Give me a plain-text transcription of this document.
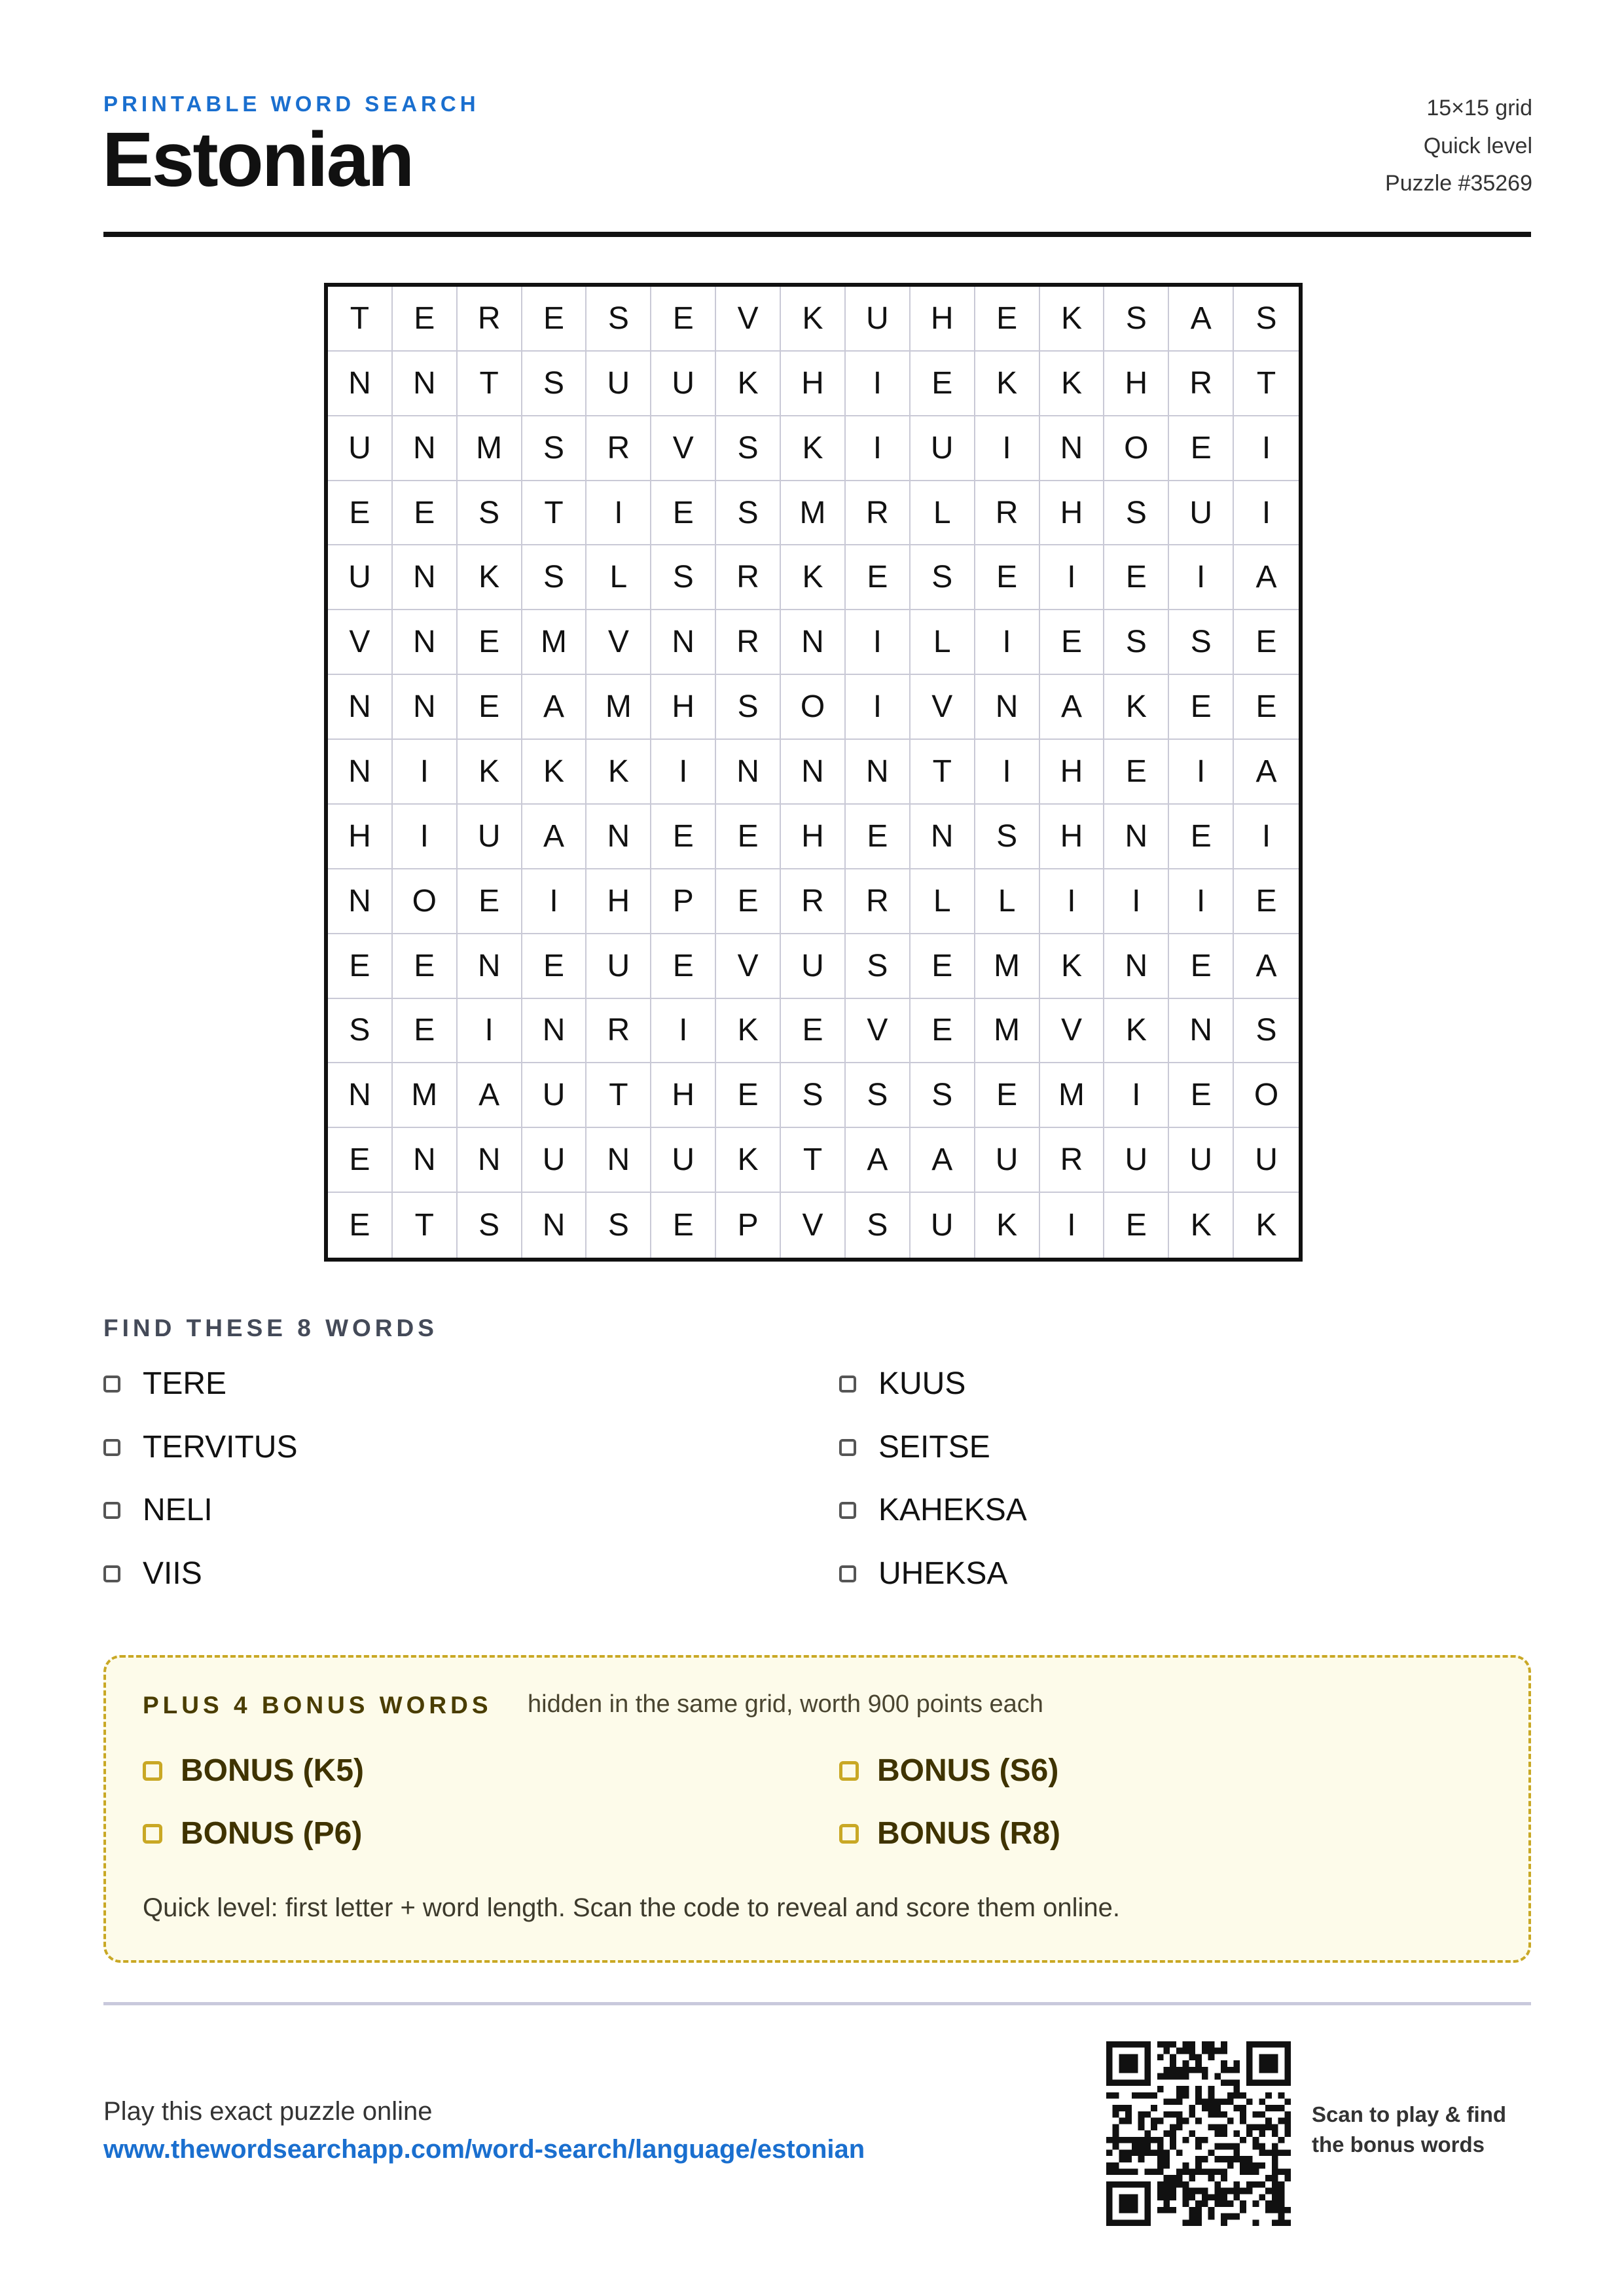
PRINTABLE WORD SEARCH
Estonian
15×15 grid
Quick level
Puzzle #35269
T	E	R	E	S	E	V	K	U	H	E	K	S	A	S
N	N	T	S	U	U	K	H	I	E	K	K	H	R	T
U	N	M	S	R	V	S	K	I	U	I	N	O	E	I
E	E	S	T	I	E	S	M	R	L	R	H	S	U	I
U	N	K	S	L	S	R	K	E	S	E	I	E	I	A
V	N	E	M	V	N	R	N	I	L	I	E	S	S	E
N	N	E	A	M	H	S	O	I	V	N	A	K	E	E
N	I	K	K	K	I	N	N	N	T	I	H	E	I	A
H	I	U	A	N	E	E	H	E	N	S	H	N	E	I
N	O	E	I	H	P	E	R	R	L	L	I	I	I	E
E	E	N	E	U	E	V	U	S	E	M	K	N	E	A
S	E	I	N	R	I	K	E	V	E	M	V	K	N	S
N	M	A	U	T	H	E	S	S	S	E	M	I	E	O
E	N	N	U	N	U	K	T	A	A	U	R	U	U	U
E	T	S	N	S	E	P	V	S	U	K	I	E	K	K
FIND THESE 8 WORDS
TERE	KUUS
TERVITUS	SEITSE
NELI	KAHEKSA
VIIS	UHEKSA
PLUS 4 BONUS WORDS hidden in the same grid, worth 900 points each
BONUS (K5)	BONUS (S6)
BONUS (P6)	BONUS (R8)
Quick level: first letter + word length. Scan the code to reveal and score them online.
Play this exact puzzle online
www.thewordsearchapp.com/word-search/language/estonian
Scan to play & find
the bonus words
